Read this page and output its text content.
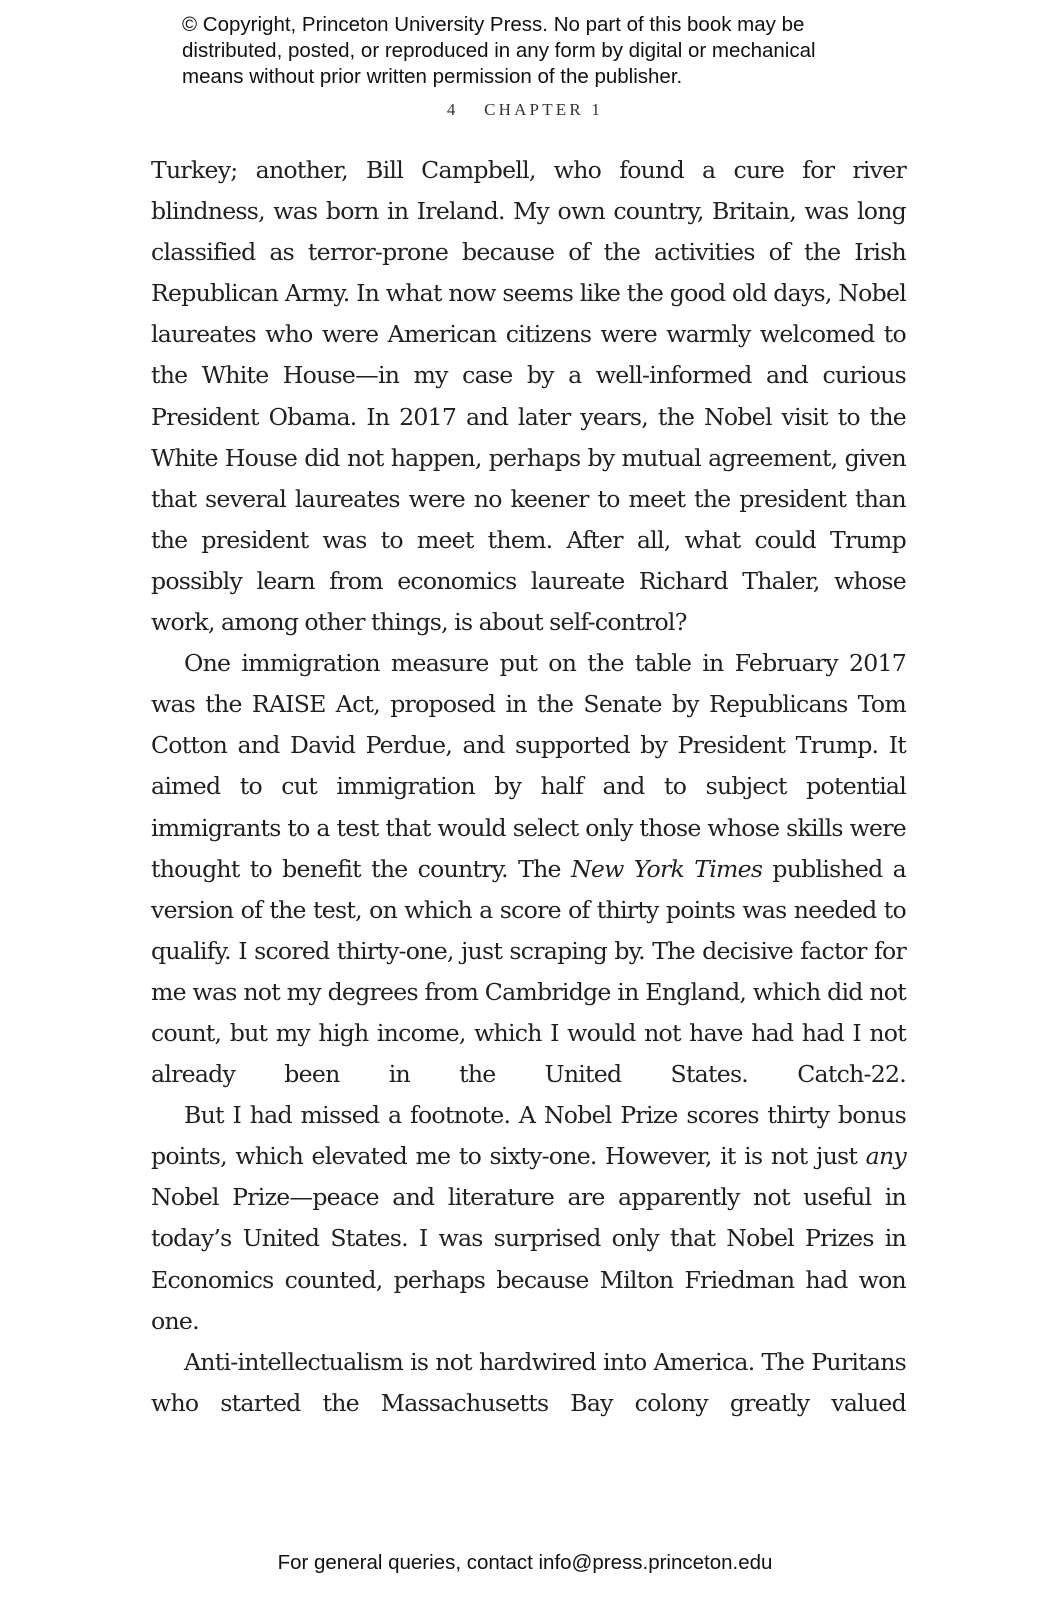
© Copyright, Princeton University Press. No part of this book may be
distributed, posted, or reproduced in any form by digital or mechanical
means without prior written permission of the publisher.
4 CHAPTER 1

Turkey; another, Bill Campbell, who found a cure for river blindness, was born in Ireland. My own country, Britain, was long classified as terror-prone because of the activities of the Irish Republican Army. In what now seems like the good old days, Nobel laureates who were American citizens were warmly welcomed to the White House—in my case by a well-informed and curious President Obama. In 2017 and later years, the Nobel visit to the White House did not happen, perhaps by mutual agreement, given that several laureates were no keener to meet the president than the president was to meet them. After all, what could Trump possibly learn from economics laureate Richard Thaler, whose work, among other things, is about self-control?

One immigration measure put on the table in February 2017 was the RAISE Act, proposed in the Senate by Republicans Tom Cotton and David Perdue, and supported by President Trump. It aimed to cut immigration by half and to subject potential immigrants to a test that would select only those whose skills were thought to benefit the country. The New York Times published a version of the test, on which a score of thirty points was needed to qualify. I scored thirty-one, just scraping by. The decisive factor for me was not my degrees from Cambridge in England, which did not count, but my high income, which I would not have had had I not already been in the United States. Catch-22.

But I had missed a footnote. A Nobel Prize scores thirty bonus points, which elevated me to sixty-one. However, it is not just any Nobel Prize—peace and literature are apparently not useful in today’s United States. I was surprised only that Nobel Prizes in Economics counted, perhaps because Milton Friedman had won one.

Anti-intellectualism is not hardwired into America. The Puritans who started the Massachusetts Bay colony greatly valued

For general queries, contact info@press.princeton.edu
